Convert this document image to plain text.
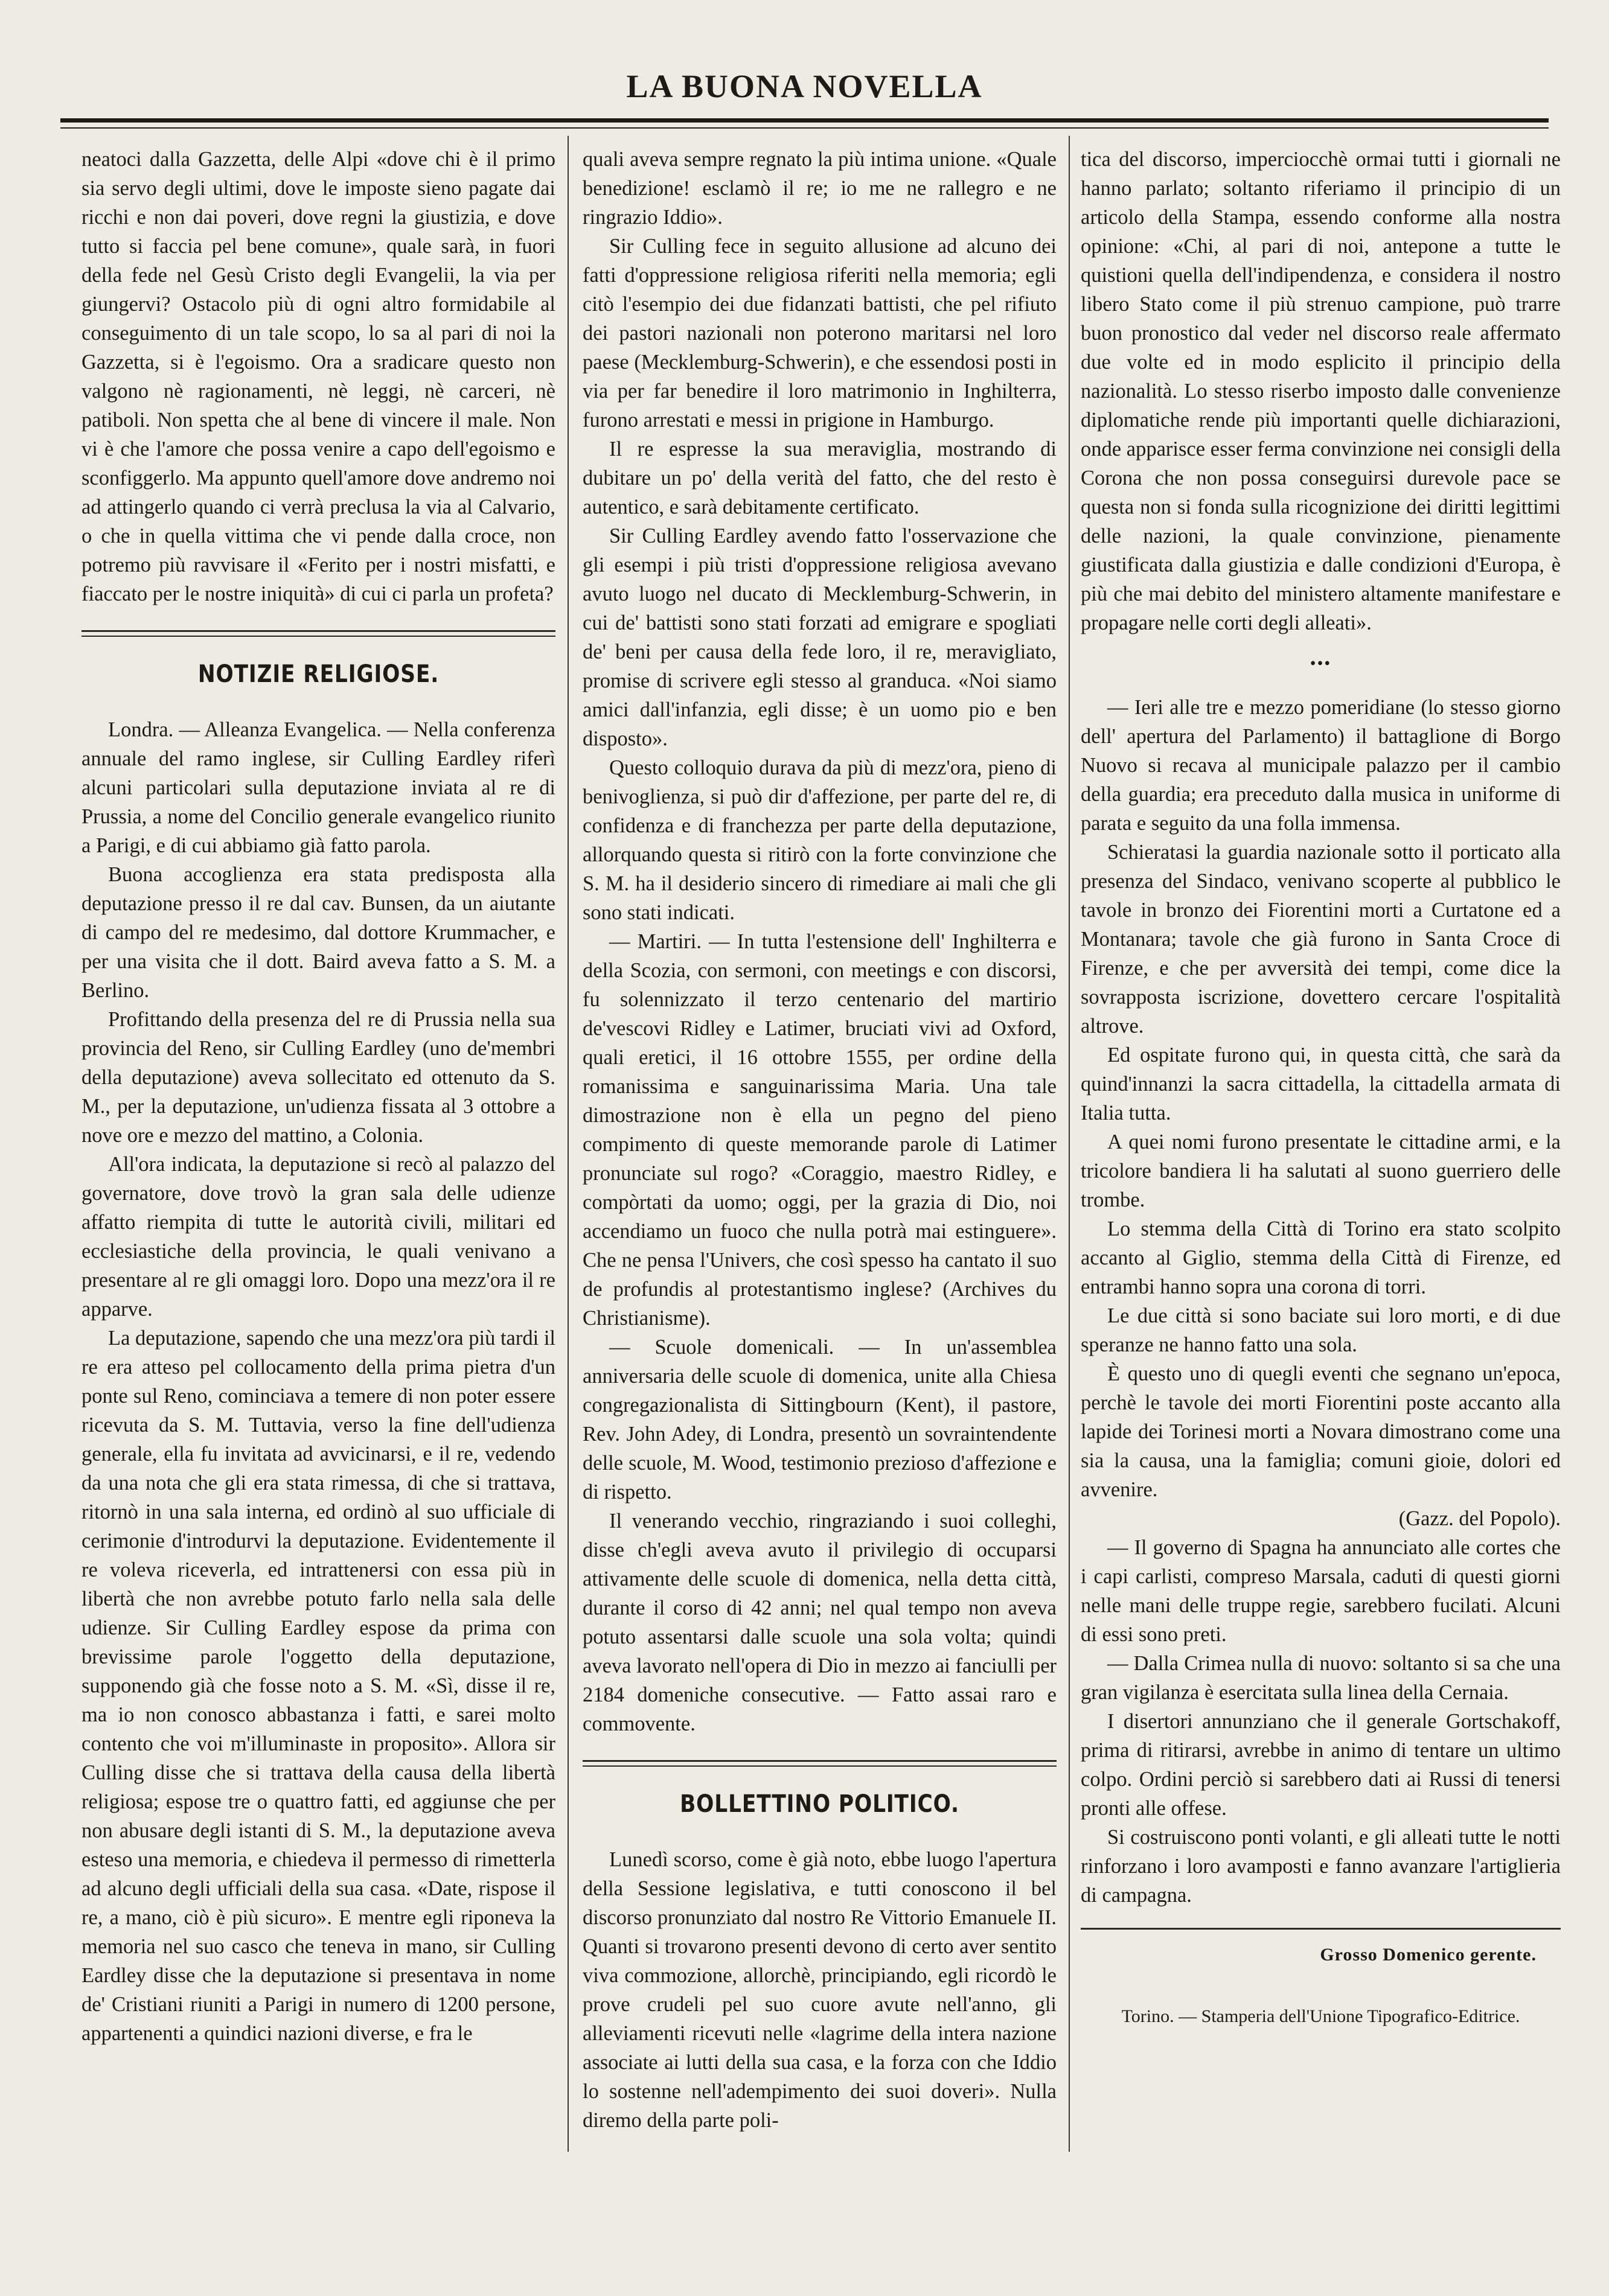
LA BUONA NOVELLA

neatoci dalla Gazzetta, delle Alpi «dove chi è il primo sia servo degli ultimi, dove le imposte sieno pagate dai ricchi e non dai poveri, dove regni la giustizia, e dove tutto si faccia pel bene comune», quale sarà, in fuori della fede nel Gesù Cristo degli Evangelii, la via per giungervi? Ostacolo più di ogni altro formidabile al conseguimento di un tale scopo, lo sa al pari di noi la Gazzetta, si è l'egoismo. Ora a sradicare questo non valgono nè ragionamenti, nè leggi, nè carceri, nè patiboli. Non spetta che al bene di vincere il male. Non vi è che l'amore che possa venire a capo dell'egoismo e sconfiggerlo. Ma appunto quell'amore dove andremo noi ad attingerlo quando ci verrà preclusa la via al Calvario, o che in quella vittima che vi pende dalla croce, non potremo più ravvisare il «Ferito per i nostri misfatti, e fiaccato per le nostre iniquità» di cui ci parla un profeta?

NOTIZIE RELIGIOSE.

Londra. — Alleanza Evangelica. — Nella conferenza annuale del ramo inglese, sir Culling Eardley riferì alcuni particolari sulla deputazione inviata al re di Prussia, a nome del Concilio generale evangelico riunito a Parigi, e di cui abbiamo già fatto parola.

Buona accoglienza era stata predisposta alla deputazione presso il re dal cav. Bunsen, da un aiutante di campo del re medesimo, dal dottore Krummacher, e per una visita che il dott. Baird aveva fatto a S. M. a Berlino.

Profittando della presenza del re di Prussia nella sua provincia del Reno, sir Culling Eardley (uno de'membri della deputazione) aveva sollecitato ed ottenuto da S. M., per la deputazione, un'udienza fissata al 3 ottobre a nove ore e mezzo del mattino, a Colonia.

All'ora indicata, la deputazione si recò al palazzo del governatore, dove trovò la gran sala delle udienze affatto riempita di tutte le autorità civili, militari ed ecclesiastiche della provincia, le quali venivano a presentare al re gli omaggi loro. Dopo una mezz'ora il re apparve.

La deputazione, sapendo che una mezz'ora più tardi il re era atteso pel collocamento della prima pietra d'un ponte sul Reno, cominciava a temere di non poter essere ricevuta da S. M. Tuttavia, verso la fine dell'udienza generale, ella fu invitata ad avvicinarsi, e il re, vedendo da una nota che gli era stata rimessa, di che si trattava, ritornò in una sala interna, ed ordinò al suo ufficiale di cerimonie d'introdurvi la deputazione. Evidentemente il re voleva riceverla, ed intrattenersi con essa più in libertà che non avrebbe potuto farlo nella sala delle udienze. Sir Culling Eardley espose da prima con brevissime parole l'oggetto della deputazione, supponendo già che fosse noto a S. M. «Sì, disse il re, ma io non conosco abbastanza i fatti, e sarei molto contento che voi m'illuminaste in proposito». Allora sir Culling disse che si trattava della causa della libertà religiosa; espose tre o quattro fatti, ed aggiunse che per non abusare degli istanti di S. M., la deputazione aveva esteso una memoria, e chiedeva il permesso di rimetterla ad alcuno degli ufficiali della sua casa. «Date, rispose il re, a mano, ciò è più sicuro». E mentre egli riponeva la memoria nel suo casco che teneva in mano, sir Culling Eardley disse che la deputazione si presentava in nome de' Cristiani riuniti a Parigi in numero di 1200 persone, appartenenti a quindici nazioni diverse, e fra le

quali aveva sempre regnato la più intima unione. «Quale benedizione! esclamò il re; io me ne rallegro e ne ringrazio Iddio».

Sir Culling fece in seguito allusione ad alcuno dei fatti d'oppressione religiosa riferiti nella memoria; egli citò l'esempio dei due fidanzati battisti, che pel rifiuto dei pastori nazionali non poterono maritarsi nel loro paese (Mecklemburg-Schwerin), e che essendosi posti in via per far benedire il loro matrimonio in Inghilterra, furono arrestati e messi in prigione in Hamburgo.

Il re espresse la sua meraviglia, mostrando di dubitare un po' della verità del fatto, che del resto è autentico, e sarà debitamente certificato.

Sir Culling Eardley avendo fatto l'osservazione che gli esempi i più tristi d'oppressione religiosa avevano avuto luogo nel ducato di Mecklemburg-Schwerin, in cui de' battisti sono stati forzati ad emigrare e spogliati de' beni per causa della fede loro, il re, meravigliato, promise di scrivere egli stesso al granduca. «Noi siamo amici dall'infanzia, egli disse; è un uomo pio e ben disposto».

Questo colloquio durava da più di mezz'ora, pieno di benivoglienza, si può dir d'affezione, per parte del re, di confidenza e di franchezza per parte della deputazione, allorquando questa si ritirò con la forte convinzione che S. M. ha il desiderio sincero di rimediare ai mali che gli sono stati indicati.

— Martiri. — In tutta l'estensione dell' Inghilterra e della Scozia, con sermoni, con meetings e con discorsi, fu solennizzato il terzo centenario del martirio de'vescovi Ridley e Latimer, bruciati vivi ad Oxford, quali eretici, il 16 ottobre 1555, per ordine della romanissima e sanguinarissima Maria. Una tale dimostrazione non è ella un pegno del pieno compimento di queste memorande parole di Latimer pronunciate sul rogo? «Coraggio, maestro Ridley, e compòrtati da uomo; oggi, per la grazia di Dio, noi accendiamo un fuoco che nulla potrà mai estinguere». Che ne pensa l'Univers, che così spesso ha cantato il suo de profundis al protestantismo inglese? (Archives du Christianisme).

— Scuole domenicali. — In un'assemblea anniversaria delle scuole di domenica, unite alla Chiesa congregazionalista di Sittingbourn (Kent), il pastore, Rev. John Adey, di Londra, presentò un sovraintendente delle scuole, M. Wood, testimonio prezioso d'affezione e di rispetto.

Il venerando vecchio, ringraziando i suoi colleghi, disse ch'egli aveva avuto il privilegio di occuparsi attivamente delle scuole di domenica, nella detta città, durante il corso di 42 anni; nel qual tempo non aveva potuto assentarsi dalle scuole una sola volta; quindi aveva lavorato nell'opera di Dio in mezzo ai fanciulli per 2184 domeniche consecutive. — Fatto assai raro e commovente.

BOLLETTINO POLITICO.

Lunedì scorso, come è già noto, ebbe luogo l'apertura della Sessione legislativa, e tutti conoscono il bel discorso pronunziato dal nostro Re Vittorio Emanuele II. Quanti si trovarono presenti devono di certo aver sentito viva commozione, allorchè, principiando, egli ricordò le prove crudeli pel suo cuore avute nell'anno, gli alleviamenti ricevuti nelle «lagrime della intera nazione associate ai lutti della sua casa, e la forza con che Iddio lo sostenne nell'adempimento dei suoi doveri». Nulla diremo della parte poli-

tica del discorso, imperciocchè ormai tutti i giornali ne hanno parlato; soltanto riferiamo il principio di un articolo della Stampa, essendo conforme alla nostra opinione: «Chi, al pari di noi, antepone a tutte le quistioni quella dell'indipendenza, e considera il nostro libero Stato come il più strenuo campione, può trarre buon pronostico dal veder nel discorso reale affermato due volte ed in modo esplicito il principio della nazionalità. Lo stesso riserbo imposto dalle convenienze diplomatiche rende più importanti quelle dichiarazioni, onde apparisce esser ferma convinzione nei consigli della Corona che non possa conseguirsi durevole pace se questa non si fonda sulla ricognizione dei diritti legittimi delle nazioni, la quale convinzione, pienamente giustificata dalla giustizia e dalle condizioni d'Europa, è più che mai debito del ministero altamente manifestare e propagare nelle corti degli alleati».

•••

— Ieri alle tre e mezzo pomeridiane (lo stesso giorno dell' apertura del Parlamento) il battaglione di Borgo Nuovo si recava al municipale palazzo per il cambio della guardia; era preceduto dalla musica in uniforme di parata e seguito da una folla immensa.

Schieratasi la guardia nazionale sotto il porticato alla presenza del Sindaco, venivano scoperte al pubblico le tavole in bronzo dei Fiorentini morti a Curtatone ed a Montanara; tavole che già furono in Santa Croce di Firenze, e che per avversità dei tempi, come dice la sovrapposta iscrizione, dovettero cercare l'ospitalità altrove.

Ed ospitate furono qui, in questa città, che sarà da quind'innanzi la sacra cittadella, la cittadella armata di Italia tutta.

A quei nomi furono presentate le cittadine armi, e la tricolore bandiera li ha salutati al suono guerriero delle trombe.

Lo stemma della Città di Torino era stato scolpito accanto al Giglio, stemma della Città di Firenze, ed entrambi hanno sopra una corona di torri.

Le due città si sono baciate sui loro morti, e di due speranze ne hanno fatto una sola.

È questo uno di quegli eventi che segnano un'epoca, perchè le tavole dei morti Fiorentini poste accanto alla lapide dei Torinesi morti a Novara dimostrano come una sia la causa, una la famiglia; comuni gioie, dolori ed avvenire.

(Gazz. del Popolo).

— Il governo di Spagna ha annunciato alle cortes che i capi carlisti, compreso Marsala, caduti di questi giorni nelle mani delle truppe regie, sarebbero fucilati. Alcuni di essi sono preti.

— Dalla Crimea nulla di nuovo: soltanto si sa che una gran vigilanza è esercitata sulla linea della Cernaia.

I disertori annunziano che il generale Gortschakoff, prima di ritirarsi, avrebbe in animo di tentare un ultimo colpo. Ordini perciò si sarebbero dati ai Russi di tenersi pronti alle offese.

Si costruiscono ponti volanti, e gli alleati tutte le notti rinforzano i loro avamposti e fanno avanzare l'artiglieria di campagna.

Grosso Domenico gerente.
Torino. — Stamperia dell'Unione Tipografico-Editrice.
